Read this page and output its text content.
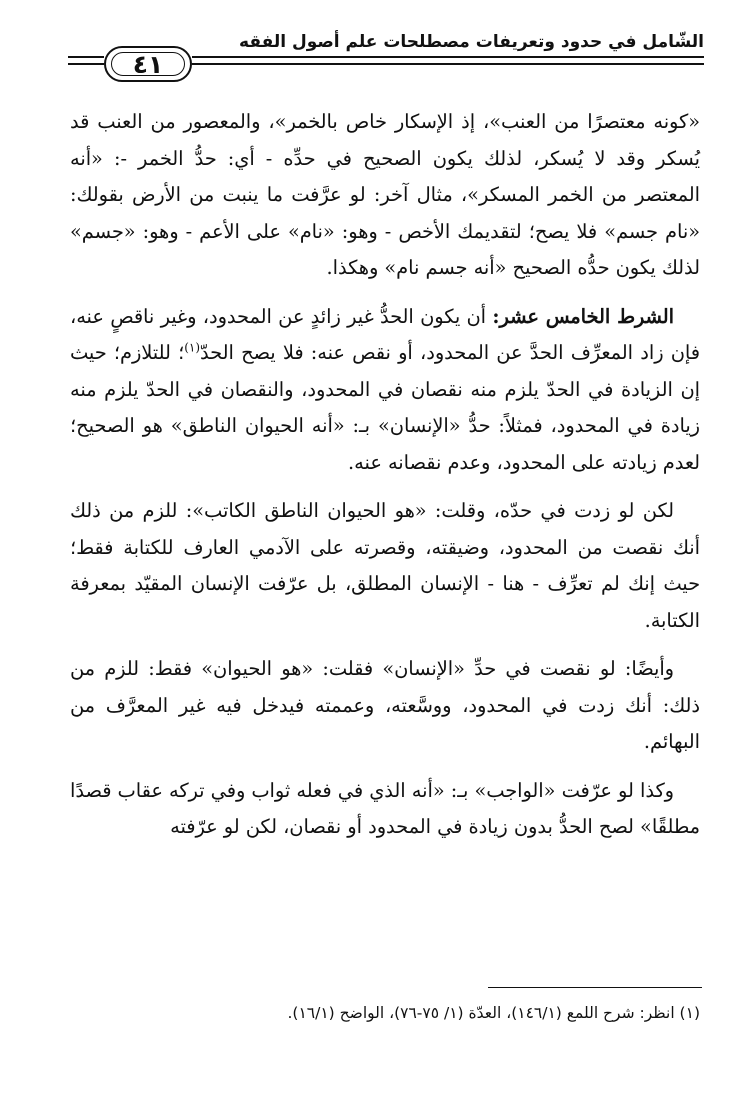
٤١
الشّامل في حدود وتعريفات مصطلحات علم أصول الفقه

«كونه معتصرًا من العنب»، إذ الإسكار خاص بالخمر»، والمعصور من العنب قد يُسكر وقد لا يُسكر، لذلك يكون الصحيح في حدِّه - أي: حدُّ الخمر -: «أنه المعتصر من الخمر المسكر»، مثال آخر: لو عرَّفت ما ينبت من الأرض بقولك: «نام جسم» فلا يصح؛ لتقديمك الأخص - وهو: «نام» على الأعم - وهو: «جسم» لذلك يكون حدُّه الصحيح «أنه جسم نام» وهكذا.

الشرط الخامس عشر: أن يكون الحدُّ غير زائدٍ عن المحدود، وغير ناقصٍ عنه، فإن زاد المعرِّف الحدَّ عن المحدود، أو نقص عنه: فلا يصح الحدّ$^{(١)}$؛ للتلازم؛ حيث إن الزيادة في الحدّ يلزم منه نقصان في المحدود، والنقصان في الحدّ يلزم منه زيادة في المحدود، فمثلاً: حدُّ «الإنسان» بـ: «أنه الحيوان الناطق» هو الصحيح؛ لعدم زيادته على المحدود، وعدم نقصانه عنه.

لكن لو زدت في حدّه، وقلت: «هو الحيوان الناطق الكاتب»: للزم من ذلك أنك نقصت من المحدود، وضيقته، وقصرته على الآدمي العارف للكتابة فقط؛ حيث إنك لم تعرِّف - هنا - الإنسان المطلق، بل عرّفت الإنسان المقيّد بمعرفة الكتابة.

وأيضًا: لو نقصت في حدِّ «الإنسان» فقلت: «هو الحيوان» فقط: للزم من ذلك: أنك زدت في المحدود، ووسَّعته، وعممته فيدخل فيه غير المعرَّف من البهائم.

وكذا لو عرّفت «الواجب» بـ: «أنه الذي في فعله ثواب وفي تركه عقاب قصدًا مطلقًا» لصح الحدُّ بدون زيادة في المحدود أو نقصان، لكن لو عرّفته

(١) انظر: شرح اللمع (١٤٦/١)، العدّة (١/ ٧٥-٧٦)، الواضح (١٦/١).
